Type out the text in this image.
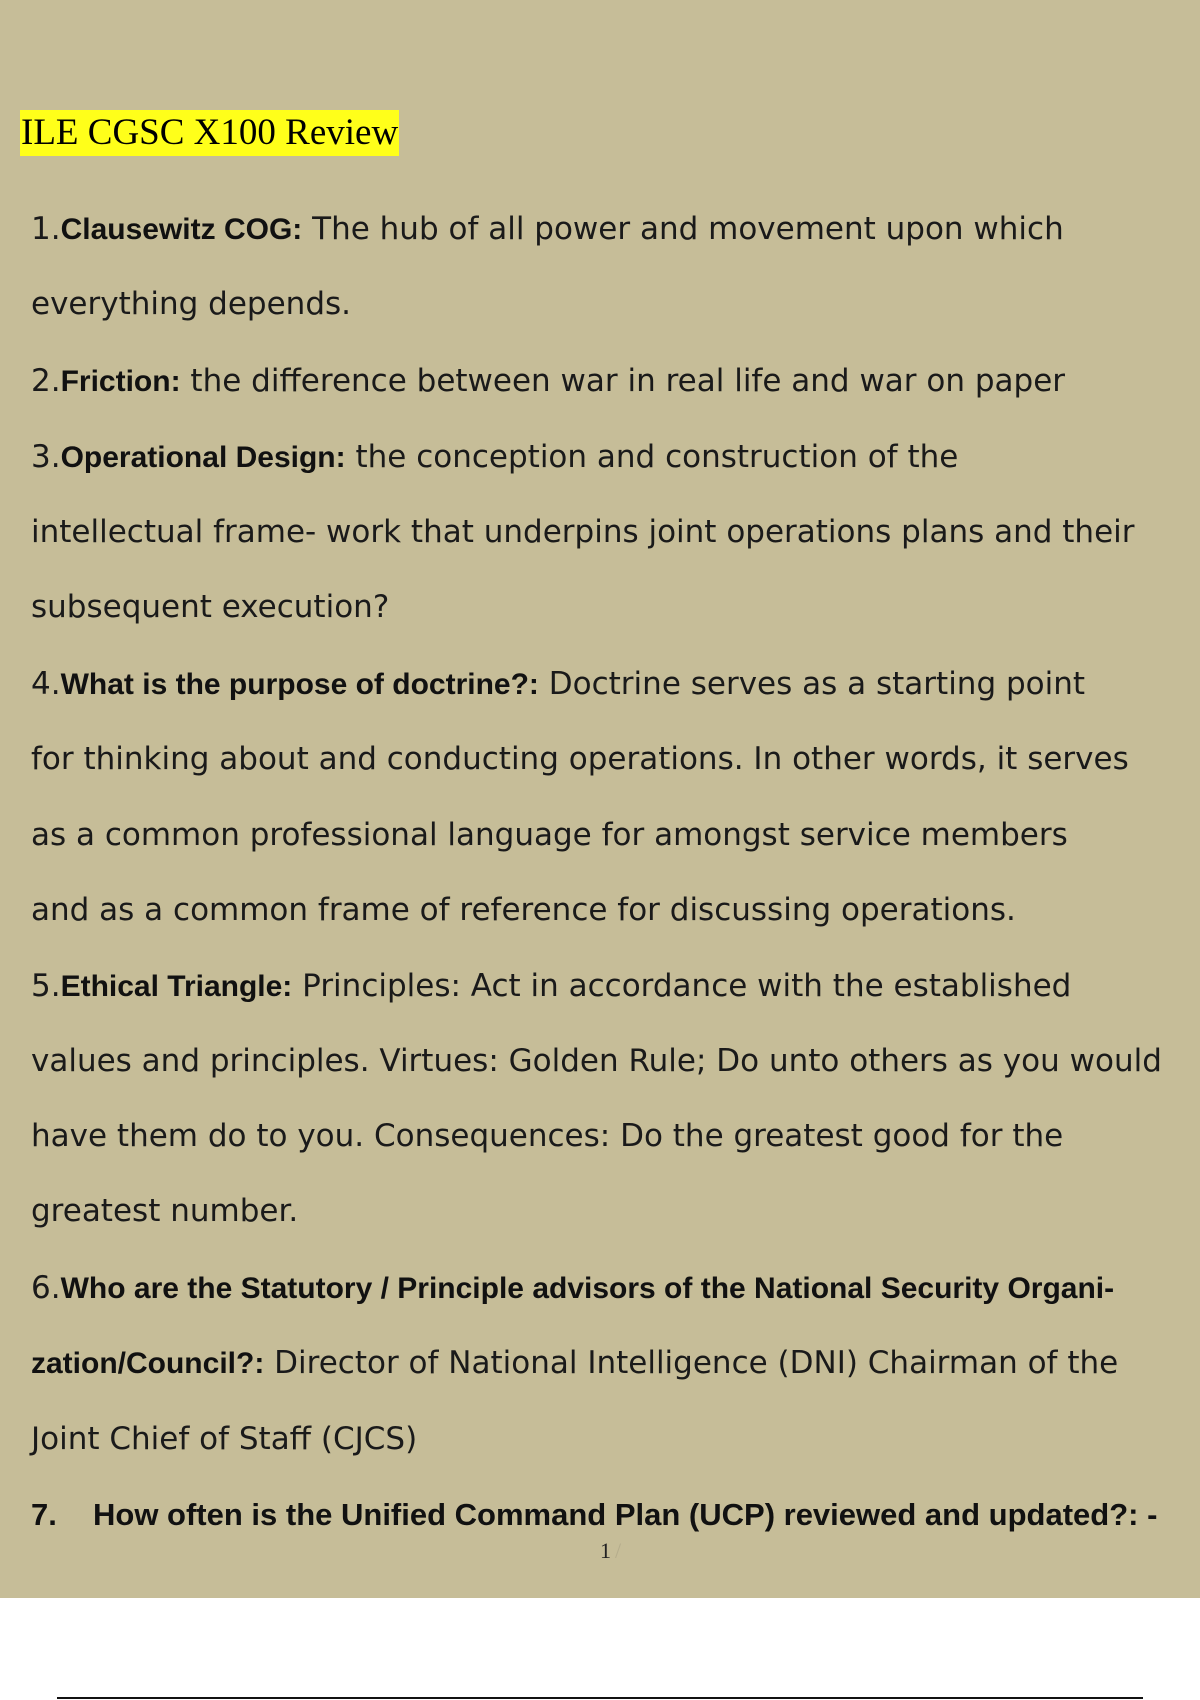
ILE CGSC X100 Review
1.Clausewitz COG: The hub of all power and movement upon which
everything depends.
2.Friction: the difference between war in real life and war on paper
3.Operational Design: the conception and construction of the
intellectual frame- work that underpins joint operations plans and their
subsequent execution?
4.What is the purpose of doctrine?: Doctrine serves as a starting point
for thinking about and conducting operations. In other words, it serves
as a common professional language for amongst service members
and as a common frame of reference for discussing operations.
5.Ethical Triangle: Principles: Act in accordance with the established
values and principles. Virtues: Golden Rule; Do unto others as you would
have them do to you. Consequences: Do the greatest good for the
greatest number.
6.Who are the Statutory / Principle advisors of the National Security Organi-
zation/Council?: Director of National Intelligence (DNI) Chairman of the
Joint Chief of Staff (CJCS)
7. How often is the Unified Command Plan (UCP) reviewed and updated?: -
1 /
